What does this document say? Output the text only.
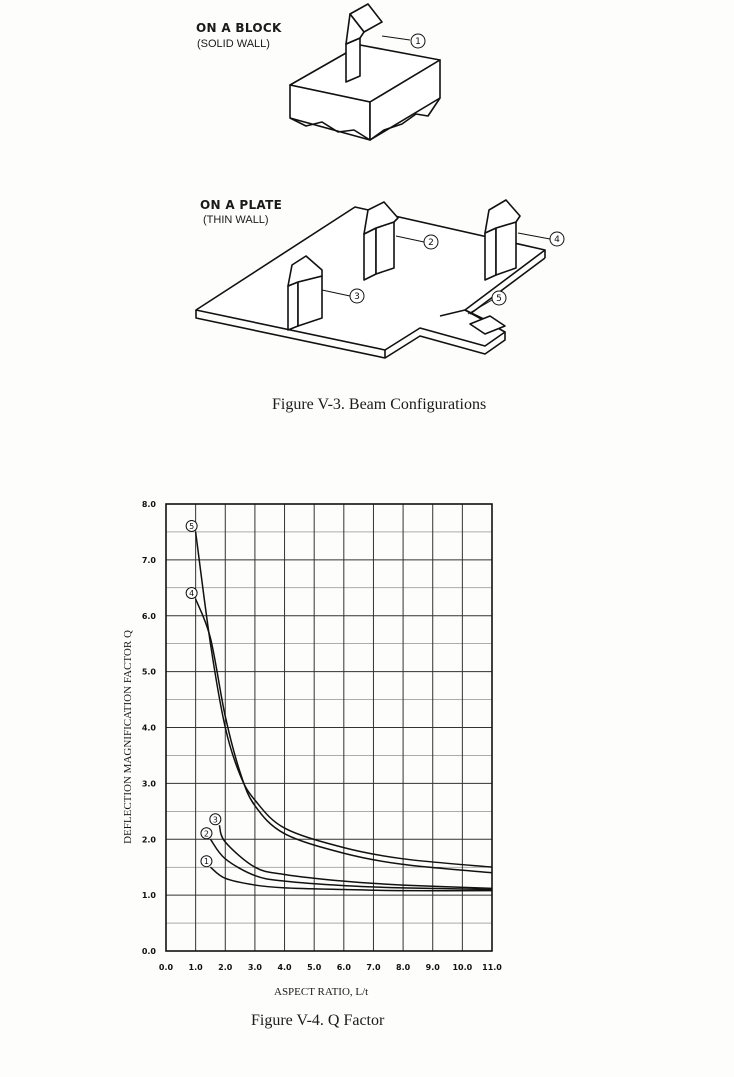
ON A BLOCK
(SOLID WALL)
ON A PLATE
(THIN WALL)
1
2
3
4
5
Figure V-3. Beam Configurations
0.0 1.0 2.0 3.0 4.0 5.0 6.0 7.0 8.0 9.0 10.0 11.0
0.0
1.0
2.0
3.0
4.0
5.0
6.0
7.0
8.0
1
2
3
4
5
ASPECT RATIO, L/t
DEFLECTION MAGNIFICATION FACTOR Q
Figure V-4. Q Factor
